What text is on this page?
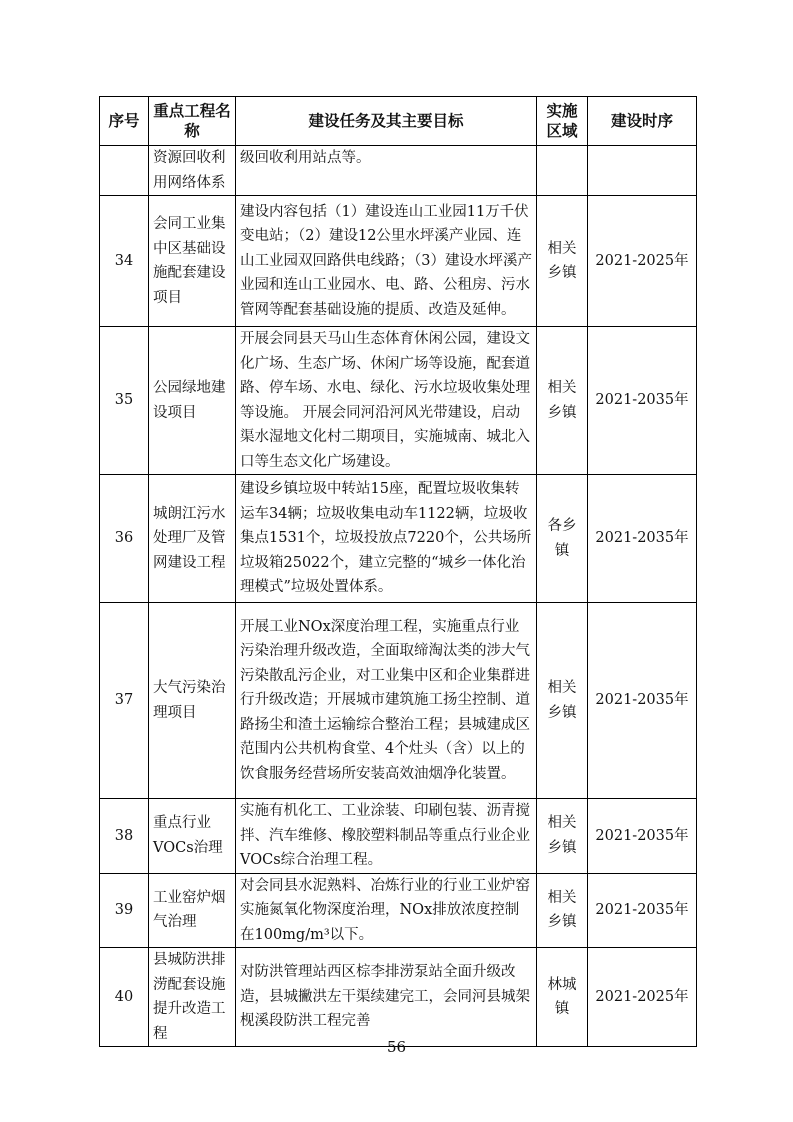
序号	重点工程名称	建设任务及其主要目标	实施区域	建设时序
	资源回收利用网络体系	级回收利用站点等。		
34	会同工业集中区基础设施配套建设项目	建设内容包括（1）建设连山工业园11万千伏变电站；（2）建设12公里水坪溪产业园、连山工业园双回路供电线路；（3）建设水坪溪产业园和连山工业园水、电、路、公租房、污水管网等配套基础设施的提质、改造及延伸。	相关乡镇	2021-2025年
35	公园绿地建设项目	开展会同县天马山生态体育休闲公园，建设文化广场、生态广场、休闲广场等设施，配套道路、停车场、水电、绿化、污水垃圾收集处理等设施。 开展会同河沿河风光带建设，启动渠水湿地文化村二期项目，实施城南、城北入口等生态文化广场建设。	相关乡镇	2021-2035年
36	城朗江污水处理厂及管网建设工程	建设乡镇垃圾中转站15座，配置垃圾收集转运车34辆；垃圾收集电动车1122辆，垃圾收集点1531个，垃圾投放点7220个，公共场所垃圾箱25022个，建立完整的“城乡一体化治理模式”垃圾处置体系。	各乡镇	2021-2035年
37	大气污染治理项目	开展工业NOx深度治理工程，实施重点行业污染治理升级改造，全面取缔淘汰类的涉大气污染散乱污企业，对工业集中区和企业集群进行升级改造；开展城市建筑施工扬尘控制、道路扬尘和渣土运输综合整治工程；县城建成区范围内公共机构食堂、4个灶头（含）以上的饮食服务经营场所安装高效油烟净化装置。	相关乡镇	2021-2035年
38	重点行业VOCs治理	实施有机化工、工业涂装、印刷包装、沥青搅拌、汽车维修、橡胶塑料制品等重点行业企业VOCs综合治理工程。	相关乡镇	2021-2035年
39	工业窑炉烟气治理	对会同县水泥熟料、冶炼行业的行业工业炉窑实施氮氧化物深度治理，NOx排放浓度控制在100mg/m³以下。	相关乡镇	2021-2035年
40	县城防洪排涝配套设施提升改造工程	对防洪管理站西区棕李排涝泵站全面升级改造，县城撇洪左干渠续建完工，会同河县城架枧溪段防洪工程完善	林城镇	2021-2025年
56
